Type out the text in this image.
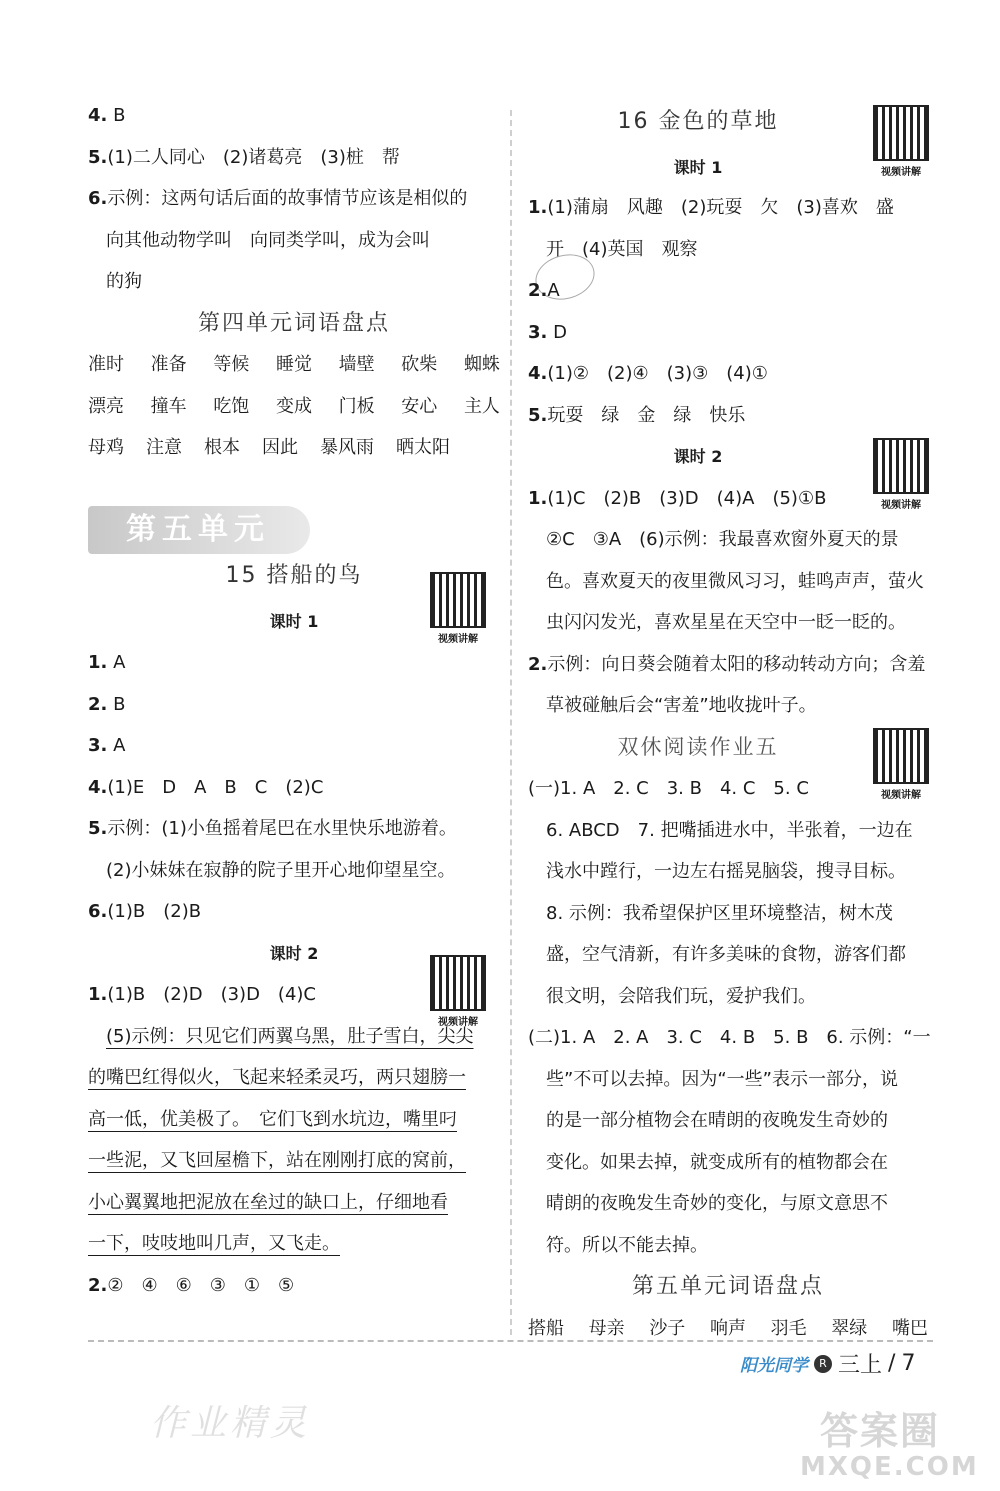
4. B
5.(1)二人同心　(2)诸葛亮　(3)桩　帮
6.示例：这两句话后面的故事情节应该是相似的
向其他动物学叫　向同类学叫，成为会叫
的狗
第四单元词语盘点
准时 准备 等候 睡觉 墙壁 砍柴 蜘蛛
漂亮 撞车 吃饱 变成 门板 安心 主人
母鸡 注意 根本 因此 暴风雨 晒太阳
15 搭船的鸟
课时 1
1. A
2. B
3. A
4.(1)E　D　A　B　C　(2)C
5.示例：(1)小鱼摇着尾巴在水里快乐地游着。
(2)小妹妹在寂静的院子里开心地仰望星空。
6.(1)B　(2)B
课时 2
1.(1)B　(2)D　(3)D　(4)C
(5)示例：只见它们两翼乌黑，肚子雪白，尖尖
的嘴巴红得似火，飞起来轻柔灵巧，两只翅膀一
高一低，优美极了。　它们飞到水坑边，嘴里叼
一些泥，又飞回屋檐下，站在刚刚打底的窝前，
小心翼翼地把泥放在垒过的缺口上，仔细地看
一下，吱吱地叫几声，又飞走。
2.②　④　⑥　③　①　⑤
第五单元
视频讲解
视频讲解
视频讲解
视频讲解
视频讲解
16 金色的草地
课时 1
1.(1)蒲扇　风趣　(2)玩耍　欠　(3)喜欢　盛
开　(4)英国　观察
2.A
3. D
4.(1)②　(2)④　(3)③　(4)①
5.玩耍　绿　金　绿　快乐
课时 2
1.(1)C　(2)B　(3)D　(4)A　(5)①B
②C　③A　(6)示例：我最喜欢窗外夏天的景
色。喜欢夏天的夜里微风习习，蛙鸣声声，萤火
虫闪闪发光，喜欢星星在天空中一眨一眨的。
2.示例：向日葵会随着太阳的移动转动方向；含羞
草被碰触后会“害羞”地收拢叶子。
双休阅读作业五
(一)1. A　2. C　3. B　4. C　5. C
6. ABCD　7. 把嘴插进水中，半张着，一边在
浅水中蹚行，一边左右摇晃脑袋，搜寻目标。
8. 示例：我希望保护区里环境整洁，树木茂
盛，空气清新，有许多美味的食物，游客们都
很文明，会陪我们玩，爱护我们。
(二)1. A　2. A　3. C　4. B　5. B　6. 示例：“一
些”不可以去掉。因为“一些”表示一部分，说
的是一部分植物会在晴朗的夜晚发生奇妙的
变化。如果去掉，就变成所有的植物都会在
晴朗的夜晚发生奇妙的变化，与原文意思不
符。所以不能去掉。
第五单元词语盘点
搭船 母亲 沙子 响声 羽毛 翠绿 嘴巴
阳光同学	R 三上 / 7
作业精灵	答案圈
MXQE.COM
